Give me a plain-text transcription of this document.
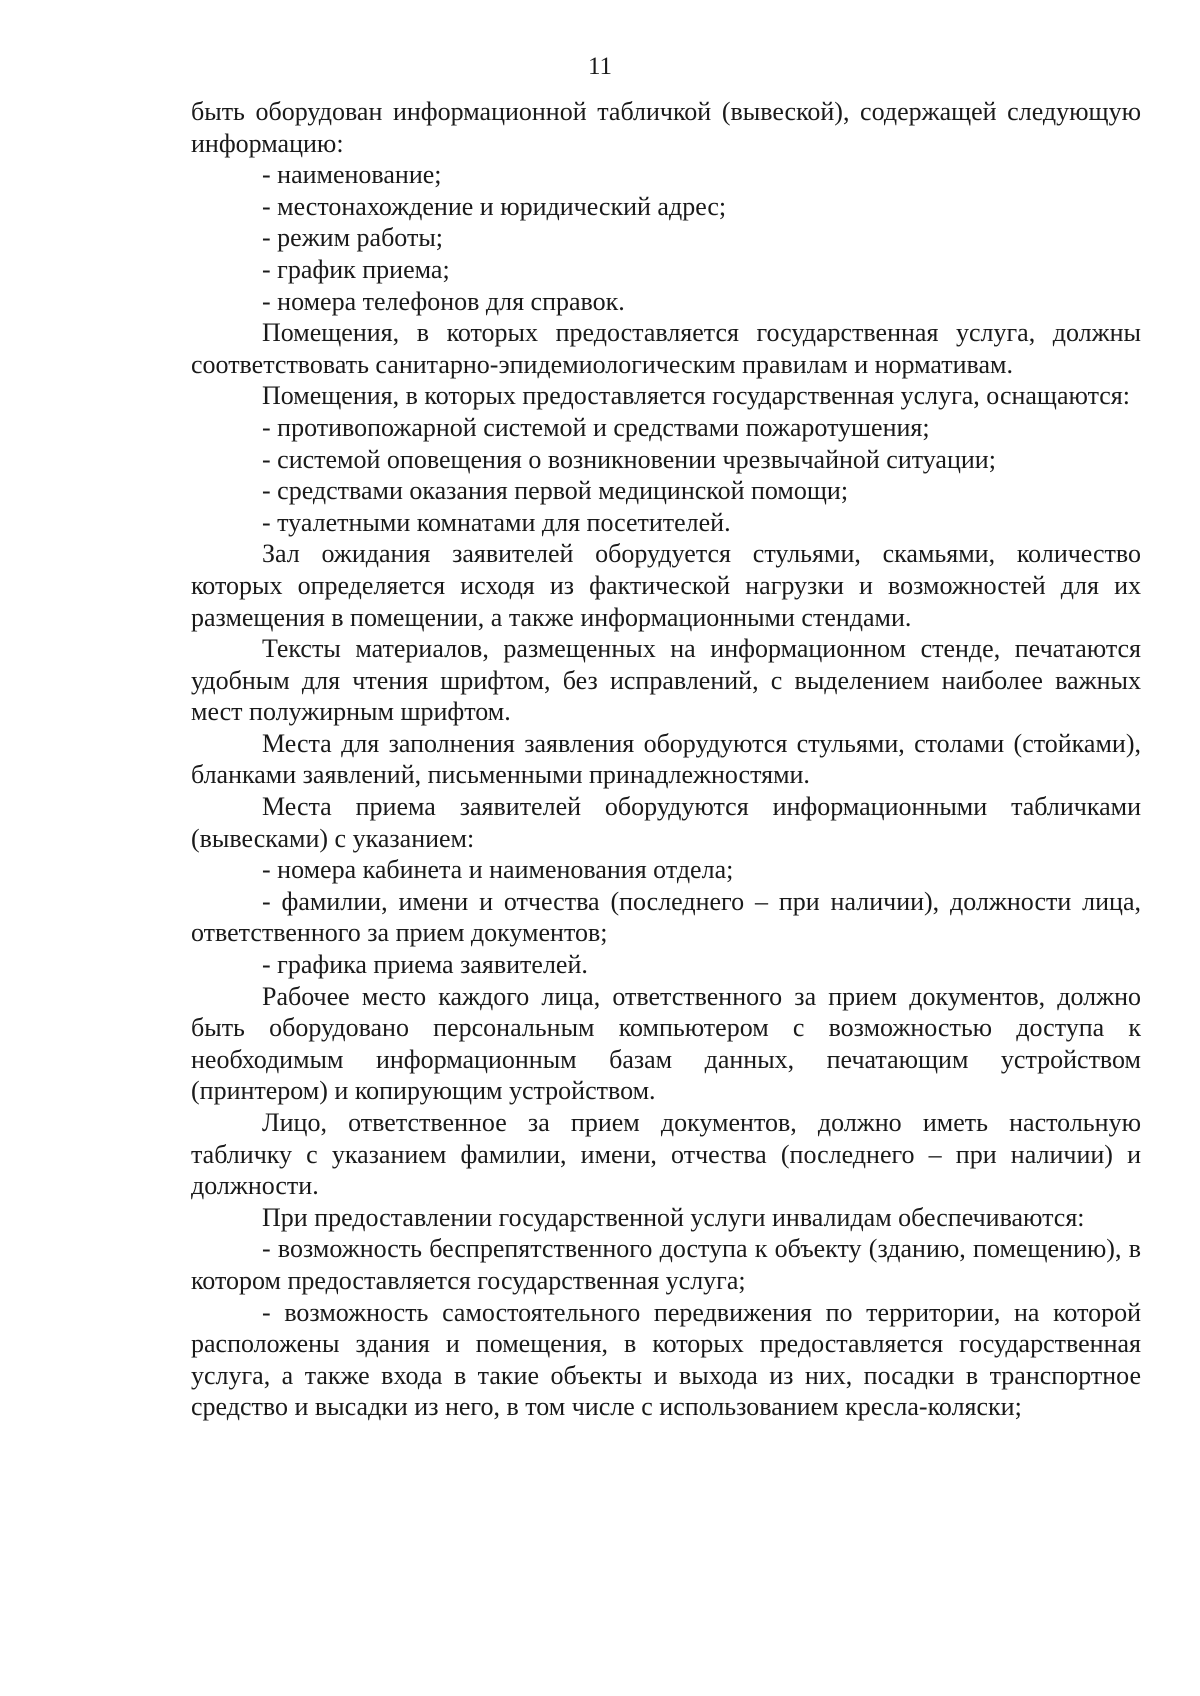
11

быть оборудован информационной табличкой (вывеской), содержащей следующую информацию:

- наименование;

- местонахождение и юридический адрес;

- режим работы;

- график приема;

- номера телефонов для справок.

Помещения, в которых предоставляется государственная услуга, должны соответствовать санитарно-эпидемиологическим правилам и нормативам.

Помещения, в которых предоставляется государственная услуга, оснащаются:

- противопожарной системой и средствами пожаротушения;

- системой оповещения о возникновении чрезвычайной ситуации;

- средствами оказания первой медицинской помощи;

- туалетными комнатами для посетителей.

Зал ожидания заявителей оборудуется стульями, скамьями, количество которых определяется исходя из фактической нагрузки и возможностей для их размещения в помещении, а также информационными стендами.

Тексты материалов, размещенных на информационном стенде, печатаются удобным для чтения шрифтом, без исправлений, с выделением наиболее важных мест полужирным шрифтом.

Места для заполнения заявления оборудуются стульями, столами (стойками), бланками заявлений, письменными принадлежностями.

Места приема заявителей оборудуются информационными табличками (вывесками) с указанием:

- номера кабинета и наименования отдела;

- фамилии, имени и отчества (последнего – при наличии), должности лица, ответственного за прием документов;

- графика приема заявителей.

Рабочее место каждого лица, ответственного за прием документов, должно быть оборудовано персональным компьютером с возможностью доступа к необходимым информационным базам данных, печатающим устройством (принтером) и копирующим устройством.

Лицо, ответственное за прием документов, должно иметь настольную табличку с указанием фамилии, имени, отчества (последнего – при наличии) и должности.

При предоставлении государственной услуги инвалидам обеспечиваются:

- возможность беспрепятственного доступа к объекту (зданию, помещению), в котором предоставляется государственная услуга;

- возможность самостоятельного передвижения по территории, на которой расположены здания и помещения, в которых предоставляется государственная услуга, а также входа в такие объекты и выхода из них, посадки в транспортное средство и высадки из него, в том числе с использованием кресла-коляски;
